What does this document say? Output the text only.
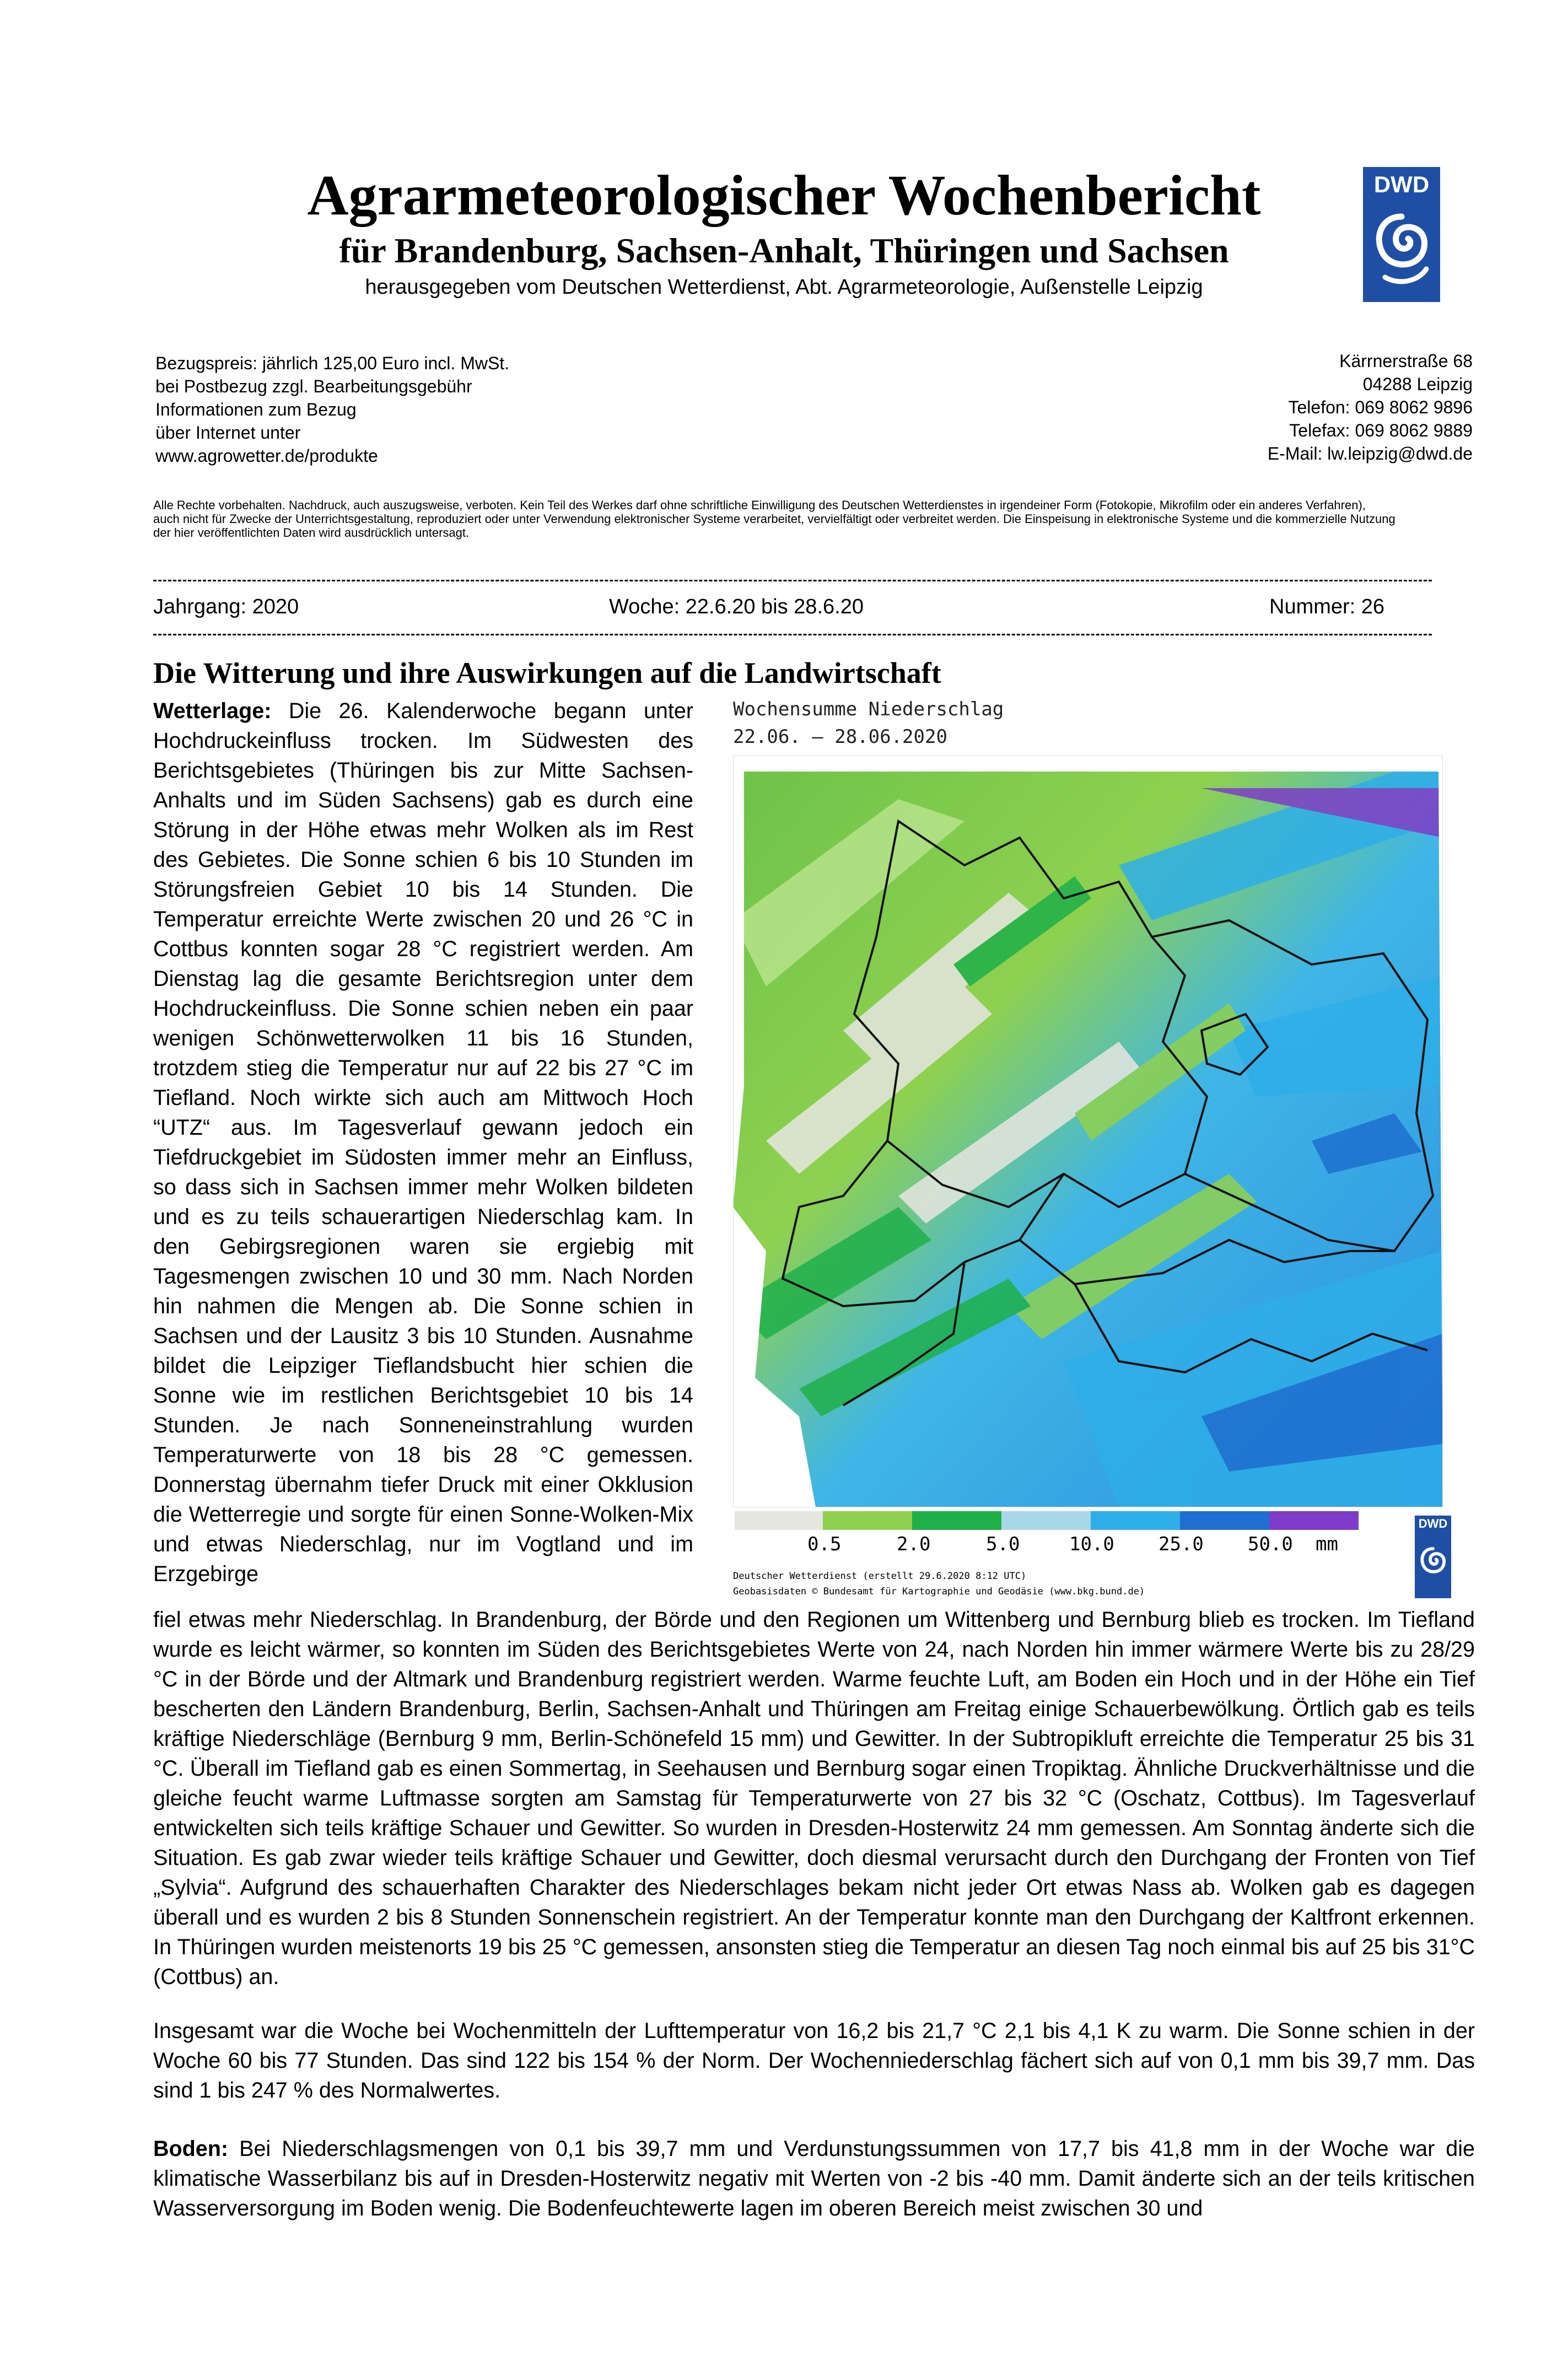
Agrarmeteorologischer Wochenbericht
für Brandenburg, Sachsen-Anhalt, Thüringen und Sachsen
herausgegeben vom Deutschen Wetterdienst, Abt. Agrarmeteorologie, Außenstelle Leipzig
DWD
Bezugspreis: jährlich 125,00 Euro incl. MwSt.
bei Postbezug zzgl. Bearbeitungsgebühr
Informationen zum Bezug
über Internet unter
www.agrowetter.de/produkte
Kärrnerstraße 68
04288 Leipzig
Telefon: 069 8062 9896
Telefax: 069 8062 9889
E-Mail: lw.leipzig@dwd.de
Alle Rechte vorbehalten. Nachdruck, auch auszugsweise, verboten. Kein Teil des Werkes darf ohne schriftliche Einwilligung des Deutschen Wetterdienstes in irgendeiner Form (Fotokopie, Mikrofilm oder ein anderes Verfahren),
auch nicht für Zwecke der Unterrichtsgestaltung, reproduziert oder unter Verwendung elektronischer Systeme verarbeitet, vervielfältigt oder verbreitet werden. Die Einspeisung in elektronische Systeme und die kommerzielle Nutzung
der hier veröffentlichten Daten wird ausdrücklich untersagt.
Jahrgang: 2020	Woche: 22.6.20 bis 28.6.20	Nummer: 26
Die Witterung und ihre Auswirkungen auf die Landwirtschaft
Wetterlage: Die 26. Kalenderwoche begann unter Hochdruckeinfluss trocken. Im Südwesten des Berichtsgebietes (Thüringen bis zur Mitte Sachsen-Anhalts und im Süden Sachsens) gab es durch eine Störung in der Höhe etwas mehr Wolken als im Rest des Gebietes. Die Sonne schien 6 bis 10 Stunden im Störungsfreien Gebiet 10 bis 14 Stunden. Die Temperatur erreichte Werte zwischen 20 und 26 °C in Cottbus konnten sogar 28 °C registriert werden. Am Dienstag lag die gesamte Berichtsregion unter dem Hochdruckeinfluss. Die Sonne schien neben ein paar wenigen Schönwetterwolken 11 bis 16 Stunden, trotzdem stieg die Temperatur nur auf 22 bis 27 °C im Tiefland. Noch wirkte sich auch am Mittwoch Hoch “UTZ“ aus. Im Tagesverlauf gewann jedoch ein Tiefdruckgebiet im Südosten immer mehr an Einfluss, so dass sich in Sachsen immer mehr Wolken bildeten und es zu teils schauerartigen Niederschlag kam. In den Gebirgsregionen waren sie ergiebig mit Tagesmengen zwischen 10 und 30 mm. Nach Norden hin nahmen die Mengen ab. Die Sonne schien in Sachsen und der Lausitz 3 bis 10 Stunden. Ausnahme bildet die Leipziger Tieflandsbucht hier schien die Sonne wie im restlichen Berichtsgebiet 10 bis 14 Stunden. Je nach Sonneneinstrahlung wurden Temperaturwerte von 18 bis 28 °C gemessen. Donnerstag übernahm tiefer Druck mit einer Okklusion die Wetterregie und sorgte für einen Sonne-Wolken-Mix und etwas Niederschlag, nur im Vogtland und im Erzgebirge
Wochensumme Niederschlag
22.06. – 28.06.2020
0.5	2.0	5.0	10.0 25.0 50.0 mm
Deutscher Wetterdienst (erstellt 29.6.2020 8:12 UTC)
Geobasisdaten © Bundesamt für Kartographie und Geodäsie (www.bkg.bund.de)
DWD
fiel etwas mehr Niederschlag. In Brandenburg, der Börde und den Regionen um Wittenberg und Bernburg blieb es trocken. Im Tiefland wurde es leicht wärmer, so konnten im Süden des Berichtsgebietes Werte von 24, nach Norden hin immer wärmere Werte bis zu 28/29 °C in der Börde und der Altmark und Brandenburg registriert werden. Warme feuchte Luft, am Boden ein Hoch und in der Höhe ein Tief bescherten den Ländern Brandenburg, Berlin, Sachsen-Anhalt und Thüringen am Freitag einige Schauerbewölkung. Örtlich gab es teils kräftige Niederschläge (Bernburg 9 mm, Berlin-Schönefeld 15 mm) und Gewitter. In der Subtropikluft erreichte die Temperatur 25 bis 31 °C. Überall im Tiefland gab es einen Sommertag, in Seehausen und Bernburg sogar einen Tropiktag. Ähnliche Druckverhältnisse und die gleiche feucht warme Luftmasse sorgten am Samstag für Temperaturwerte von 27 bis 32 °C (Oschatz, Cottbus). Im Tagesverlauf entwickelten sich teils kräftige Schauer und Gewitter. So wurden in Dresden-Hosterwitz 24 mm gemessen. Am Sonntag änderte sich die Situation. Es gab zwar wieder teils kräftige Schauer und Gewitter, doch diesmal verursacht durch den Durchgang der Fronten von Tief „Sylvia“. Aufgrund des schauerhaften Charakter des Niederschlages bekam nicht jeder Ort etwas Nass ab. Wolken gab es dagegen überall und es wurden 2 bis 8 Stunden Sonnenschein registriert. An der Temperatur konnte man den Durchgang der Kaltfront erkennen. In Thüringen wurden meistenorts 19 bis 25 °C gemessen, ansonsten stieg die Temperatur an diesen Tag noch einmal bis auf 25 bis 31°C (Cottbus) an.
Insgesamt war die Woche bei Wochenmitteln der Lufttemperatur von 16,2 bis 21,7 °C 2,1 bis 4,1 K zu warm. Die Sonne schien in der Woche 60 bis 77 Stunden. Das sind 122 bis 154 % der Norm. Der Wochenniederschlag fächert sich auf von 0,1 mm bis 39,7 mm. Das sind 1 bis 247 % des Normalwertes.
Boden: Bei Niederschlagsmengen von 0,1 bis 39,7 mm und Verdunstungssummen von 17,7 bis 41,8 mm in der Woche war die klimatische Wasserbilanz bis auf in Dresden-Hosterwitz negativ mit Werten von -2 bis -40 mm. Damit änderte sich an der teils kritischen Wasserversorgung im Boden wenig. Die Bodenfeuchtewerte lagen im oberen Bereich meist zwischen 30 und
